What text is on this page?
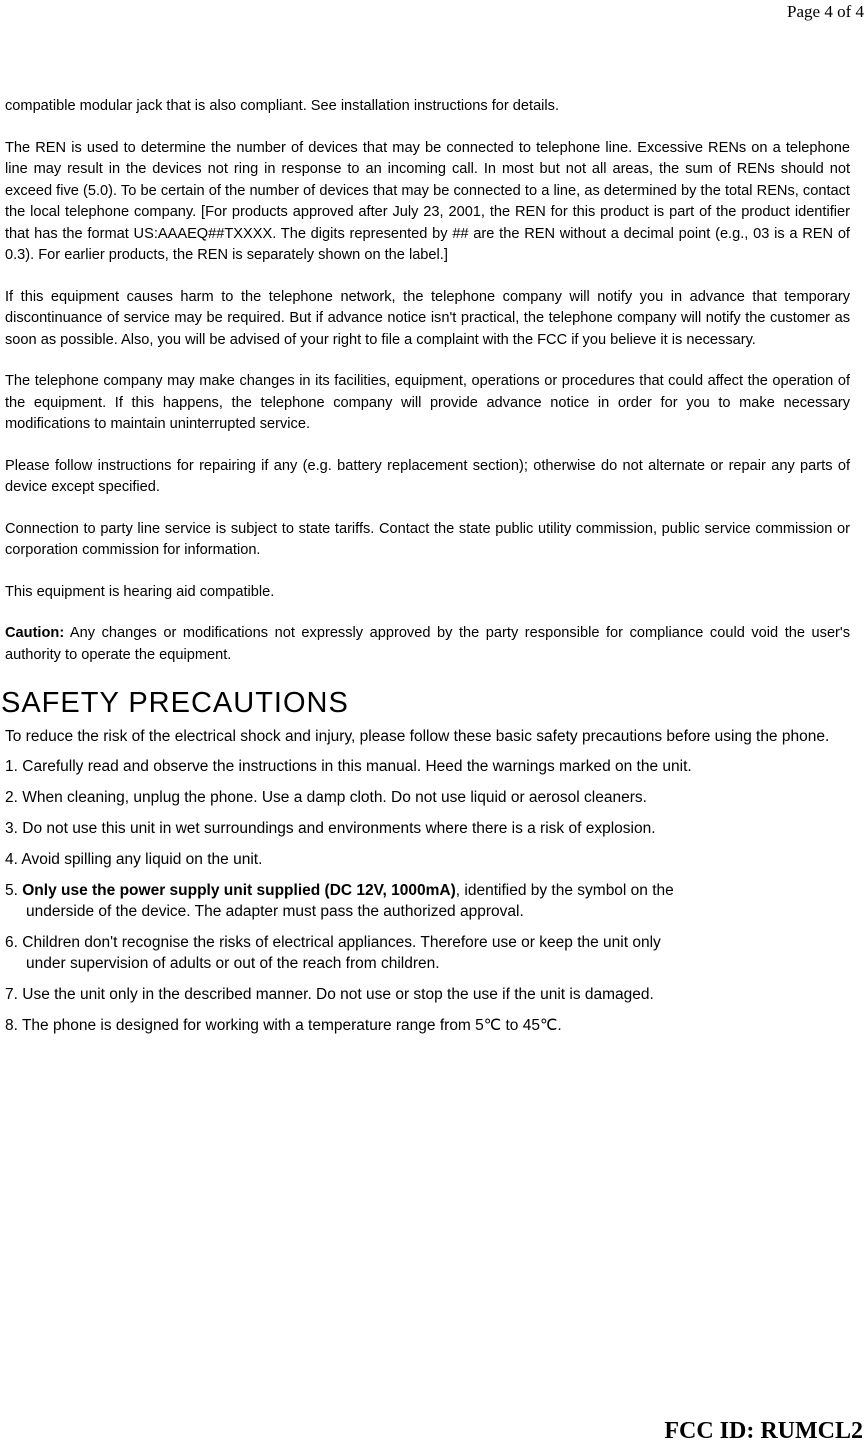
Page 4 of 4

compatible modular jack that is also compliant. See installation instructions for details.

The REN is used to determine the number of devices that may be connected to telephone line. Excessive RENs on a telephone line may result in the devices not ring in response to an incoming call. In most but not all areas, the sum of RENs should not exceed five (5.0). To be certain of the number of devices that may be connected to a line, as determined by the total RENs, contact the local telephone company. [For products approved after July 23, 2001, the REN for this product is part of the product identifier that has the format US:AAAEQ##TXXXX. The digits represented by ## are the REN without a decimal point (e.g., 03 is a REN of 0.3). For earlier products, the REN is separately shown on the label.]

If this equipment causes harm to the telephone network, the telephone company will notify you in advance that temporary discontinuance of service may be required. But if advance notice isn't practical, the telephone company will notify the customer as soon as possible. Also, you will be advised of your right to file a complaint with the FCC if you believe it is necessary.

The telephone company may make changes in its facilities, equipment, operations or procedures that could affect the operation of the equipment. If this happens, the telephone company will provide advance notice in order for you to make necessary modifications to maintain uninterrupted service.

Please follow instructions for repairing if any (e.g. battery replacement section); otherwise do not alternate or repair any parts of device except specified.

Connection to party line service is subject to state tariffs. Contact the state public utility commission, public service commission or corporation commission for information.

This equipment is hearing aid compatible.

Caution: Any changes or modifications not expressly approved by the party responsible for compliance could void the user's authority to operate the equipment.

SAFETY PRECAUTIONS

To reduce the risk of the electrical shock and injury, please follow these basic safety precautions before using the phone.

1. Carefully read and observe the instructions in this manual. Heed the warnings marked on the unit.
2. When cleaning, unplug the phone. Use a damp cloth. Do not use liquid or aerosol cleaners.
3. Do not use this unit in wet surroundings and environments where there is a risk of explosion.
4. Avoid spilling any liquid on the unit.
5. Only use the power supply unit supplied (DC 12V, 1000mA), identified by the symbol on the
underside of the device. The adapter must pass the authorized approval.
6. Children don't recognise the risks of electrical appliances. Therefore use or keep the unit only
under supervision of adults or out of the reach from children.
7. Use the unit only in the described manner. Do not use or stop the use if the unit is damaged.
8. The phone is designed for working with a temperature range from 5℃ to 45℃.
FCC ID: RUMCL2
